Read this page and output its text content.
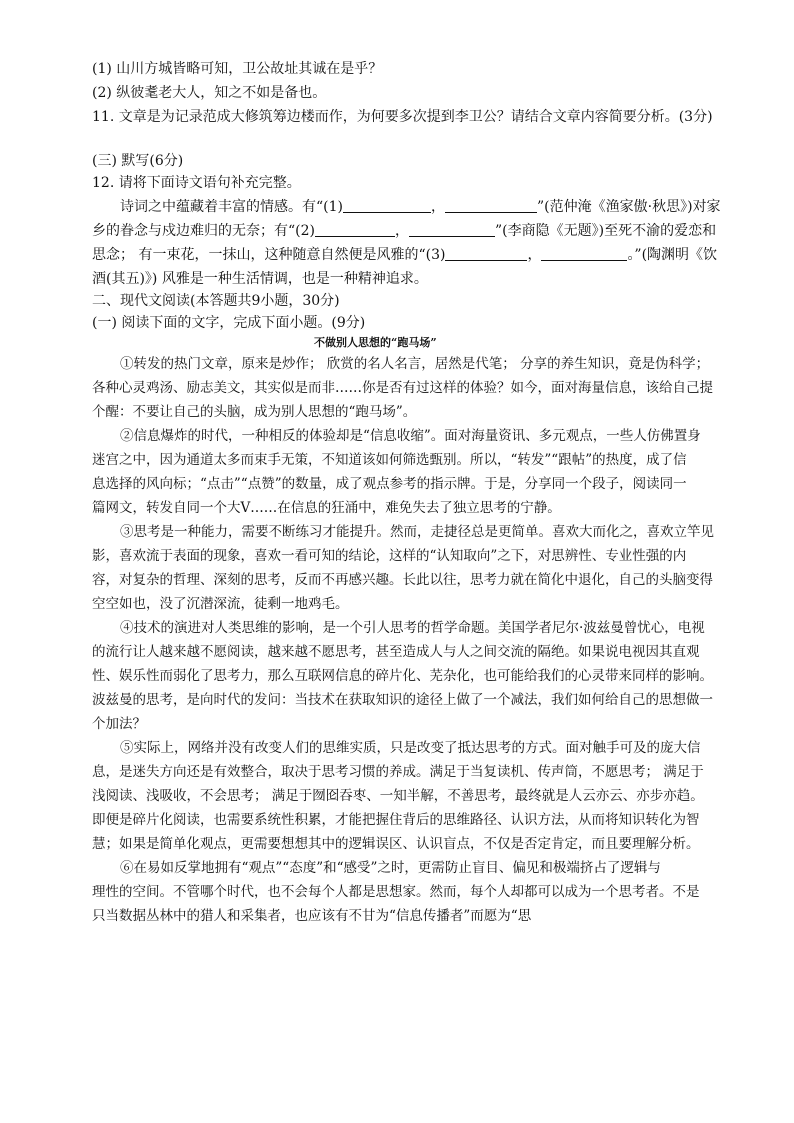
(1) 山川方城皆略可知，卫公故址其诚在是乎？
(2) 纵彼耄老大人，知之不如是备也。
11. 文章是为记录范成大修筑筹边楼而作，为何要多次提到李卫公？请结合文章内容简要分析。(3分)
(三) 默写(6分)
12. 请将下面诗文语句补充完整。
诗词之中蕴藏着丰富的情感。有“(1)	，	”(范仲淹《渔家傲·秋思》)对家
乡的眷念与戍边难归的无奈；有“(2)	，	”(李商隐《无题》)至死不渝的爱恋和
思念； 有一束花，一抹山，这种随意自然便是风雅的“(3)	，	。”(陶渊明《饮
酒(其五)》) 风雅是一种生活情调，也是一种精神追求。
二、现代文阅读(本答题共9小题，30分)
(一) 阅读下面的文字，完成下面小题。(9分)
不做别人思想的“跑马场”
①转发的热门文章，原来是炒作； 欣赏的名人名言，居然是代笔； 分享的养生知识，竟是伪科学；
各种心灵鸡汤、励志美文，其实似是而非……你是否有过这样的体验？如今，面对海量信息，该给自己提
个醒：不要让自己的头脑，成为别人思想的“跑马场”。
②信息爆炸的时代，一种相反的体验却是“信息收缩”。面对海量资讯、多元观点，一些人仿佛置身
迷宫之中，因为通道太多而束手无策，不知道该如何筛选甄别。所以，“转发”“跟帖”的热度，成了信
息选择的风向标；“点击”“点赞”的数量，成了观点参考的指示牌。于是，分享同一个段子，阅读同一
篇网文，转发自同一个大V……在信息的狂涌中，难免失去了独立思考的宁静。
③思考是一种能力，需要不断练习才能提升。然而，走捷径总是更简单。喜欢大而化之，喜欢立竿见
影，喜欢流于表面的现象，喜欢一看可知的结论，这样的“认知取向”之下，对思辨性、专业性强的内
容，对复杂的哲理、深刻的思考，反而不再感兴趣。长此以往，思考力就在简化中退化，自己的头脑变得
空空如也，没了沉潜深流，徒剩一地鸡毛。
④技术的演进对人类思维的影响，是一个引人思考的哲学命题。美国学者尼尔·波兹曼曾忧心，电视
的流行让人越来越不愿阅读，越来越不愿思考，甚至造成人与人之间交流的隔绝。如果说电视因其直观
性、娱乐性而弱化了思考力，那么互联网信息的碎片化、芜杂化，也可能给我们的心灵带来同样的影响。
波兹曼的思考，是向时代的发问：当技术在获取知识的途径上做了一个减法，我们如何给自己的思想做一
个加法？
⑤实际上，网络并没有改变人们的思维实质，只是改变了抵达思考的方式。面对触手可及的庞大信
息，是迷失方向还是有效整合，取决于思考习惯的养成。满足于当复读机、传声筒，不愿思考； 满足于
浅阅读、浅吸收，不会思考； 满足于囫囵吞枣、一知半解，不善思考，最终就是人云亦云、亦步亦趋。
即便是碎片化阅读，也需要系统性积累，才能把握住背后的思维路径、认识方法，从而将知识转化为智
慧；如果是简单化观点，更需要想想其中的逻辑误区、认识盲点，不仅是否定肯定，而且要理解分析。
⑥在易如反掌地拥有“观点”“态度”和“感受”之时，更需防止盲目、偏见和极端挤占了逻辑与
理性的空间。不管哪个时代，也不会每个人都是思想家。然而，每个人却都可以成为一个思考者。不是
只当数据丛林中的猎人和采集者，也应该有不甘为“信息传播者”而愿为“思
